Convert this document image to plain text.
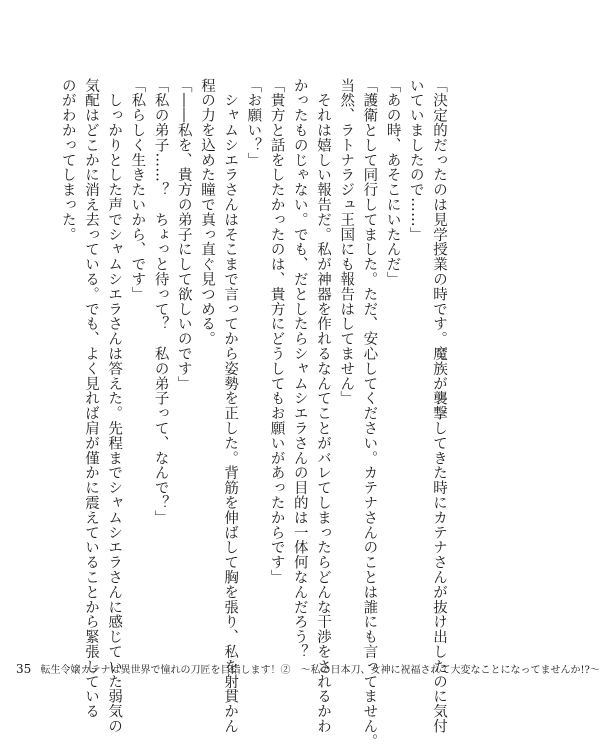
「決定的だったのは見学授業の時です。魔族が襲撃してきた時にカテナさんが抜け出したのに気付

いていましたので……」

「あの時、あそこにいたんだ」

「護衛として同行してました。ただ、安心してください。カテナさんのことは誰にも言ってません。

当然、ラトナラジュ王国にも報告はしてません」

　それは嬉しい報告だ。私が神器を作れるなんてことがバレてしまったらどんな干渉をされるかわ

かったものじゃない。でも、だとしたらシャムシエラさんの目的は一体何なんだろう？

「貴方と話をしたかったのは、貴方にどうしてもお願いがあったからです」

「お願い？」

　シャムシエラさんはそこまで言ってから姿勢を正した。背筋を伸ばして胸を張り、私を射貫かん

程の力を込めた瞳で真っ直ぐ見つめる。

「――私を、貴方の弟子にして欲しいのです」

「私の弟子……？　ちょっと待って？　私の弟子って、なんで？」

「私らしく生きたいから、です」

　しっかりとした声でシャムシエラさんは答えた。先程までシャムシエラさんに感じていた弱気の

気配はどこかに消え去っている。でも、よく見れば肩が僅かに震えていることから緊張している

のがわかってしまった。

35 転生令嬢カテナは異世界で憧れの刀匠を目指します！②　～私の日本刀、女神に祝福されて大変なことになってませんか!?～
